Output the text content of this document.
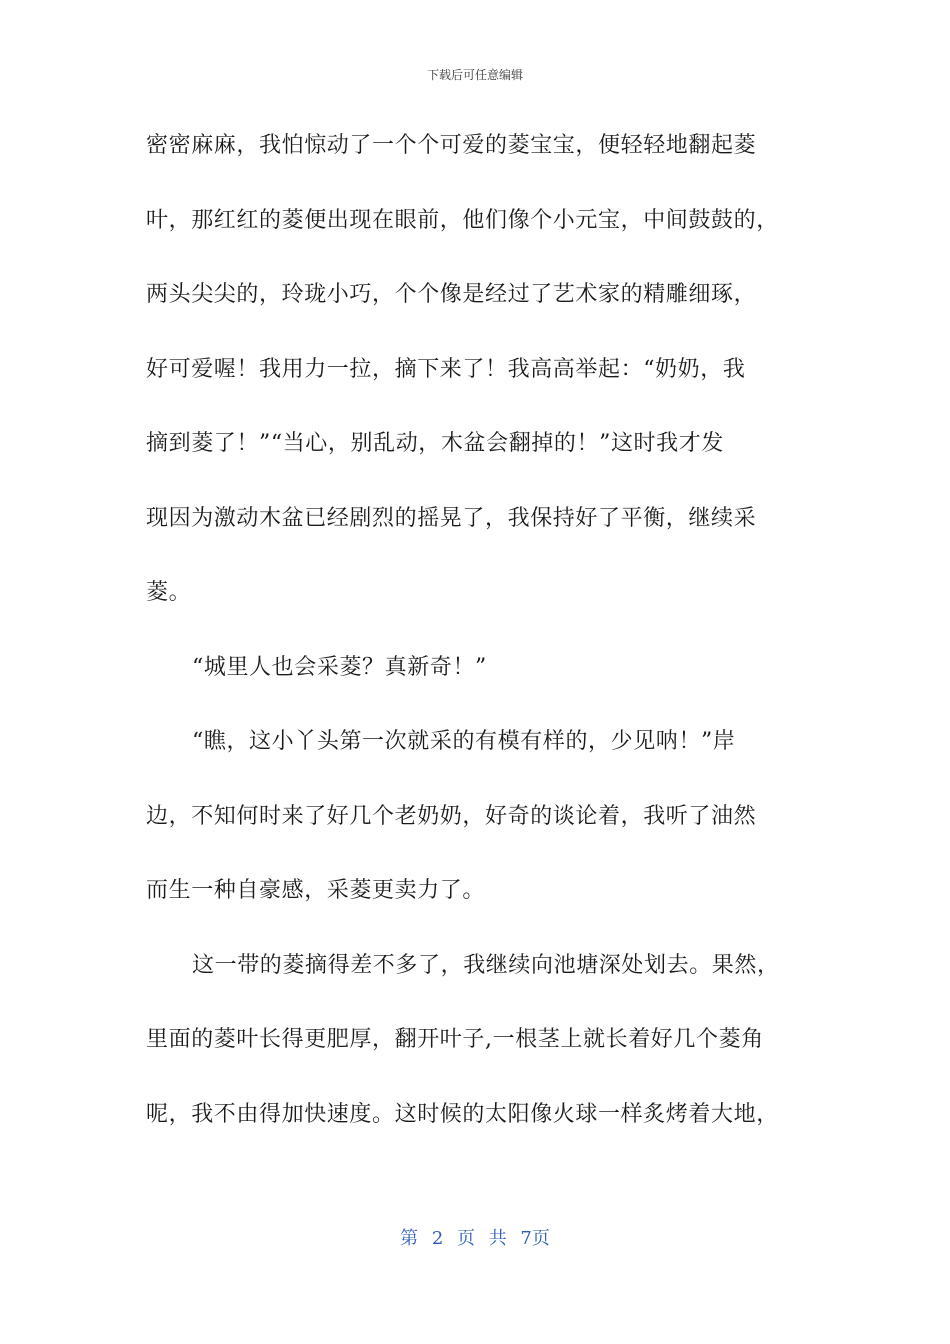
下载后可任意编辑
密密麻麻，我怕惊动了一个个可爱的菱宝宝，便轻轻地翻起菱
叶，那红红的菱便出现在眼前，他们像个小元宝，中间鼓鼓的，
两头尖尖的，玲珑小巧，个个像是经过了艺术家的精雕细琢，
好可爱喔！我用力一拉，摘下来了！我高高举起：“奶奶，我
摘到菱了！”“当心，别乱动，木盆会翻掉的！”这时我才发
现因为激动木盆已经剧烈的摇晃了，我保持好了平衡，继续采
菱。
“城里人也会采菱？真新奇！”
“瞧，这小丫头第一次就采的有模有样的，少见呐！”岸
边，不知何时来了好几个老奶奶，好奇的谈论着，我听了油然
而生一种自豪感，采菱更卖力了。
这一带的菱摘得差不多了，我继续向池塘深处划去。果然，
里面的菱叶长得更肥厚，翻开叶子,一根茎上就长着好几个菱角
呢，我不由得加快速度。这时候的太阳像火球一样炙烤着大地，
第 2 页 共 7页
